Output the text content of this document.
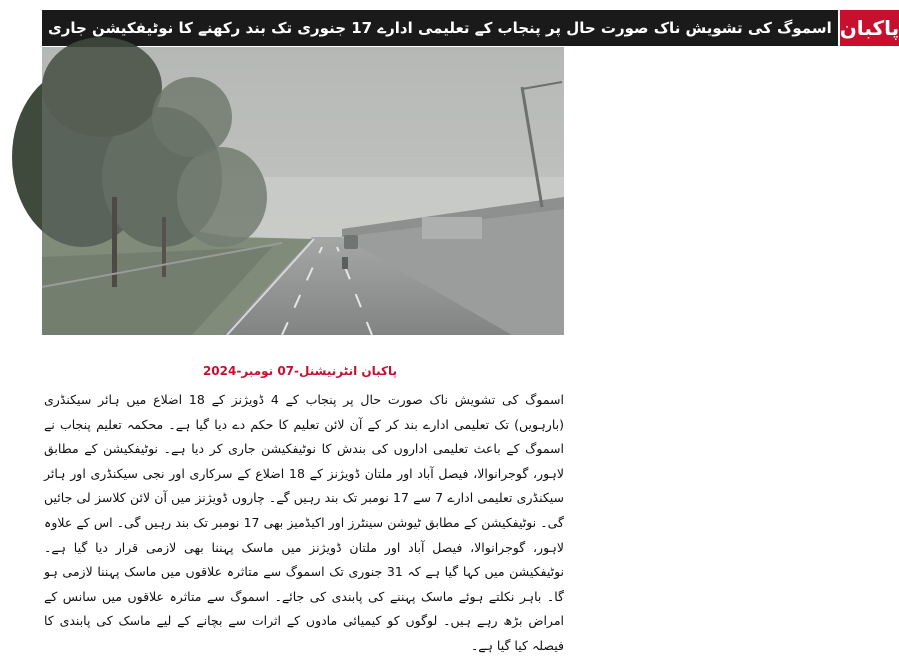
اسموگ کی تشویش ناک صورت حال پر پنجاب کے تعلیمی ادارے 17 جنوری تک بند رکھنے کا نوٹیفکیشن جاری پاکبان
پاکبان انٹرنیشنل-07 نومبر-2024
اسموگ کی تشویش ناک صورت حال پر پنجاب کے 4 ڈویژنز کے 18 اضلاع میں ہائر سیکنڈری (بارہویں) تک تعلیمی ادارے بند کر کے آن لائن تعلیم کا حکم دے دیا گیا ہے۔ محکمہ تعلیم پنجاب نے اسموگ کے باعث تعلیمی اداروں کی بندش کا نوٹیفکیشن جاری کر دیا ہے۔ نوٹیفکیشن کے مطابق لاہور، گوجرانوالا، فیصل آباد اور ملتان ڈویژنز کے 18 اضلاع کے سرکاری اور نجی سیکنڈری اور ہائر سیکنڈری تعلیمی ادارے 7 سے 17 نومبر تک بند رہیں گے۔ چاروں ڈویژنز میں آن لائن کلاسز لی جائیں گی۔ نوٹیفکیشن کے مطابق ٹیوشن سینٹرز اور اکیڈمیز بھی 17 نومبر تک بند رہیں گی۔ اس کے علاوہ لاہور، گوجرانوالا، فیصل آباد اور ملتان ڈویژنز میں ماسک پہننا بھی لازمی قرار دیا گیا ہے۔ نوٹیفکیشن میں کہا گیا ہے کہ 31 جنوری تک اسموگ سے متاثرہ علاقوں میں ماسک پہننا لازمی ہو گا۔ باہر نکلتے ہوئے ماسک پہننے کی پابندی کی جائے۔ اسموگ سے متاثرہ علاقوں میں سانس کے امراض بڑھ رہے ہیں۔ لوگوں کو کیمیائی مادوں کے اثرات سے بچانے کے لیے ماسک کی پابندی کا فیصلہ کیا گیا ہے۔
